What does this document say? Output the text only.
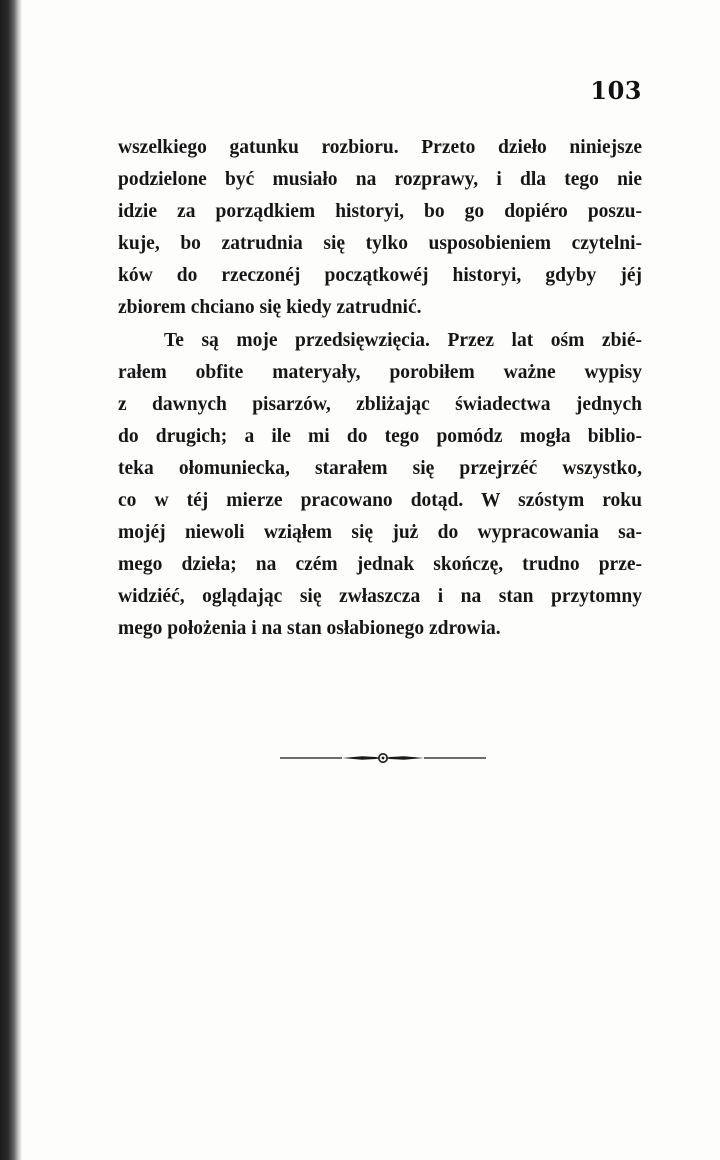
103
wszelkiego gatunku rozbioru. Przeto dzieło niniejsze
podzielone być musiało na rozprawy, i dla tego nie
idzie za porządkiem historyi, bo go dopiéro poszu-
kuje, bo zatrudnia się tylko usposobieniem czytelni-
ków do rzeczonéj początkowéj historyi, gdyby jéj
zbiorem chciano się kiedy zatrudnić.
Te są moje przedsięwzięcia. Przez lat ośm zbié-
rałem obfite materyały, porobiłem ważne wypisy
z dawnych pisarzów, zbliżając świadectwa jednych
do drugich; a ile mi do tego pomódz mogła biblio-
teka ołomuniecka, starałem się przejrzéć wszystko,
co w téj mierze pracowano dotąd. W szóstym roku
mojéj niewoli wziąłem się już do wypracowania sa-
mego dzieła; na czém jednak skończę, trudno prze-
widziéć, oglądając się zwłaszcza i na stan przytomny
mego położenia i na stan osłabionego zdrowia.
